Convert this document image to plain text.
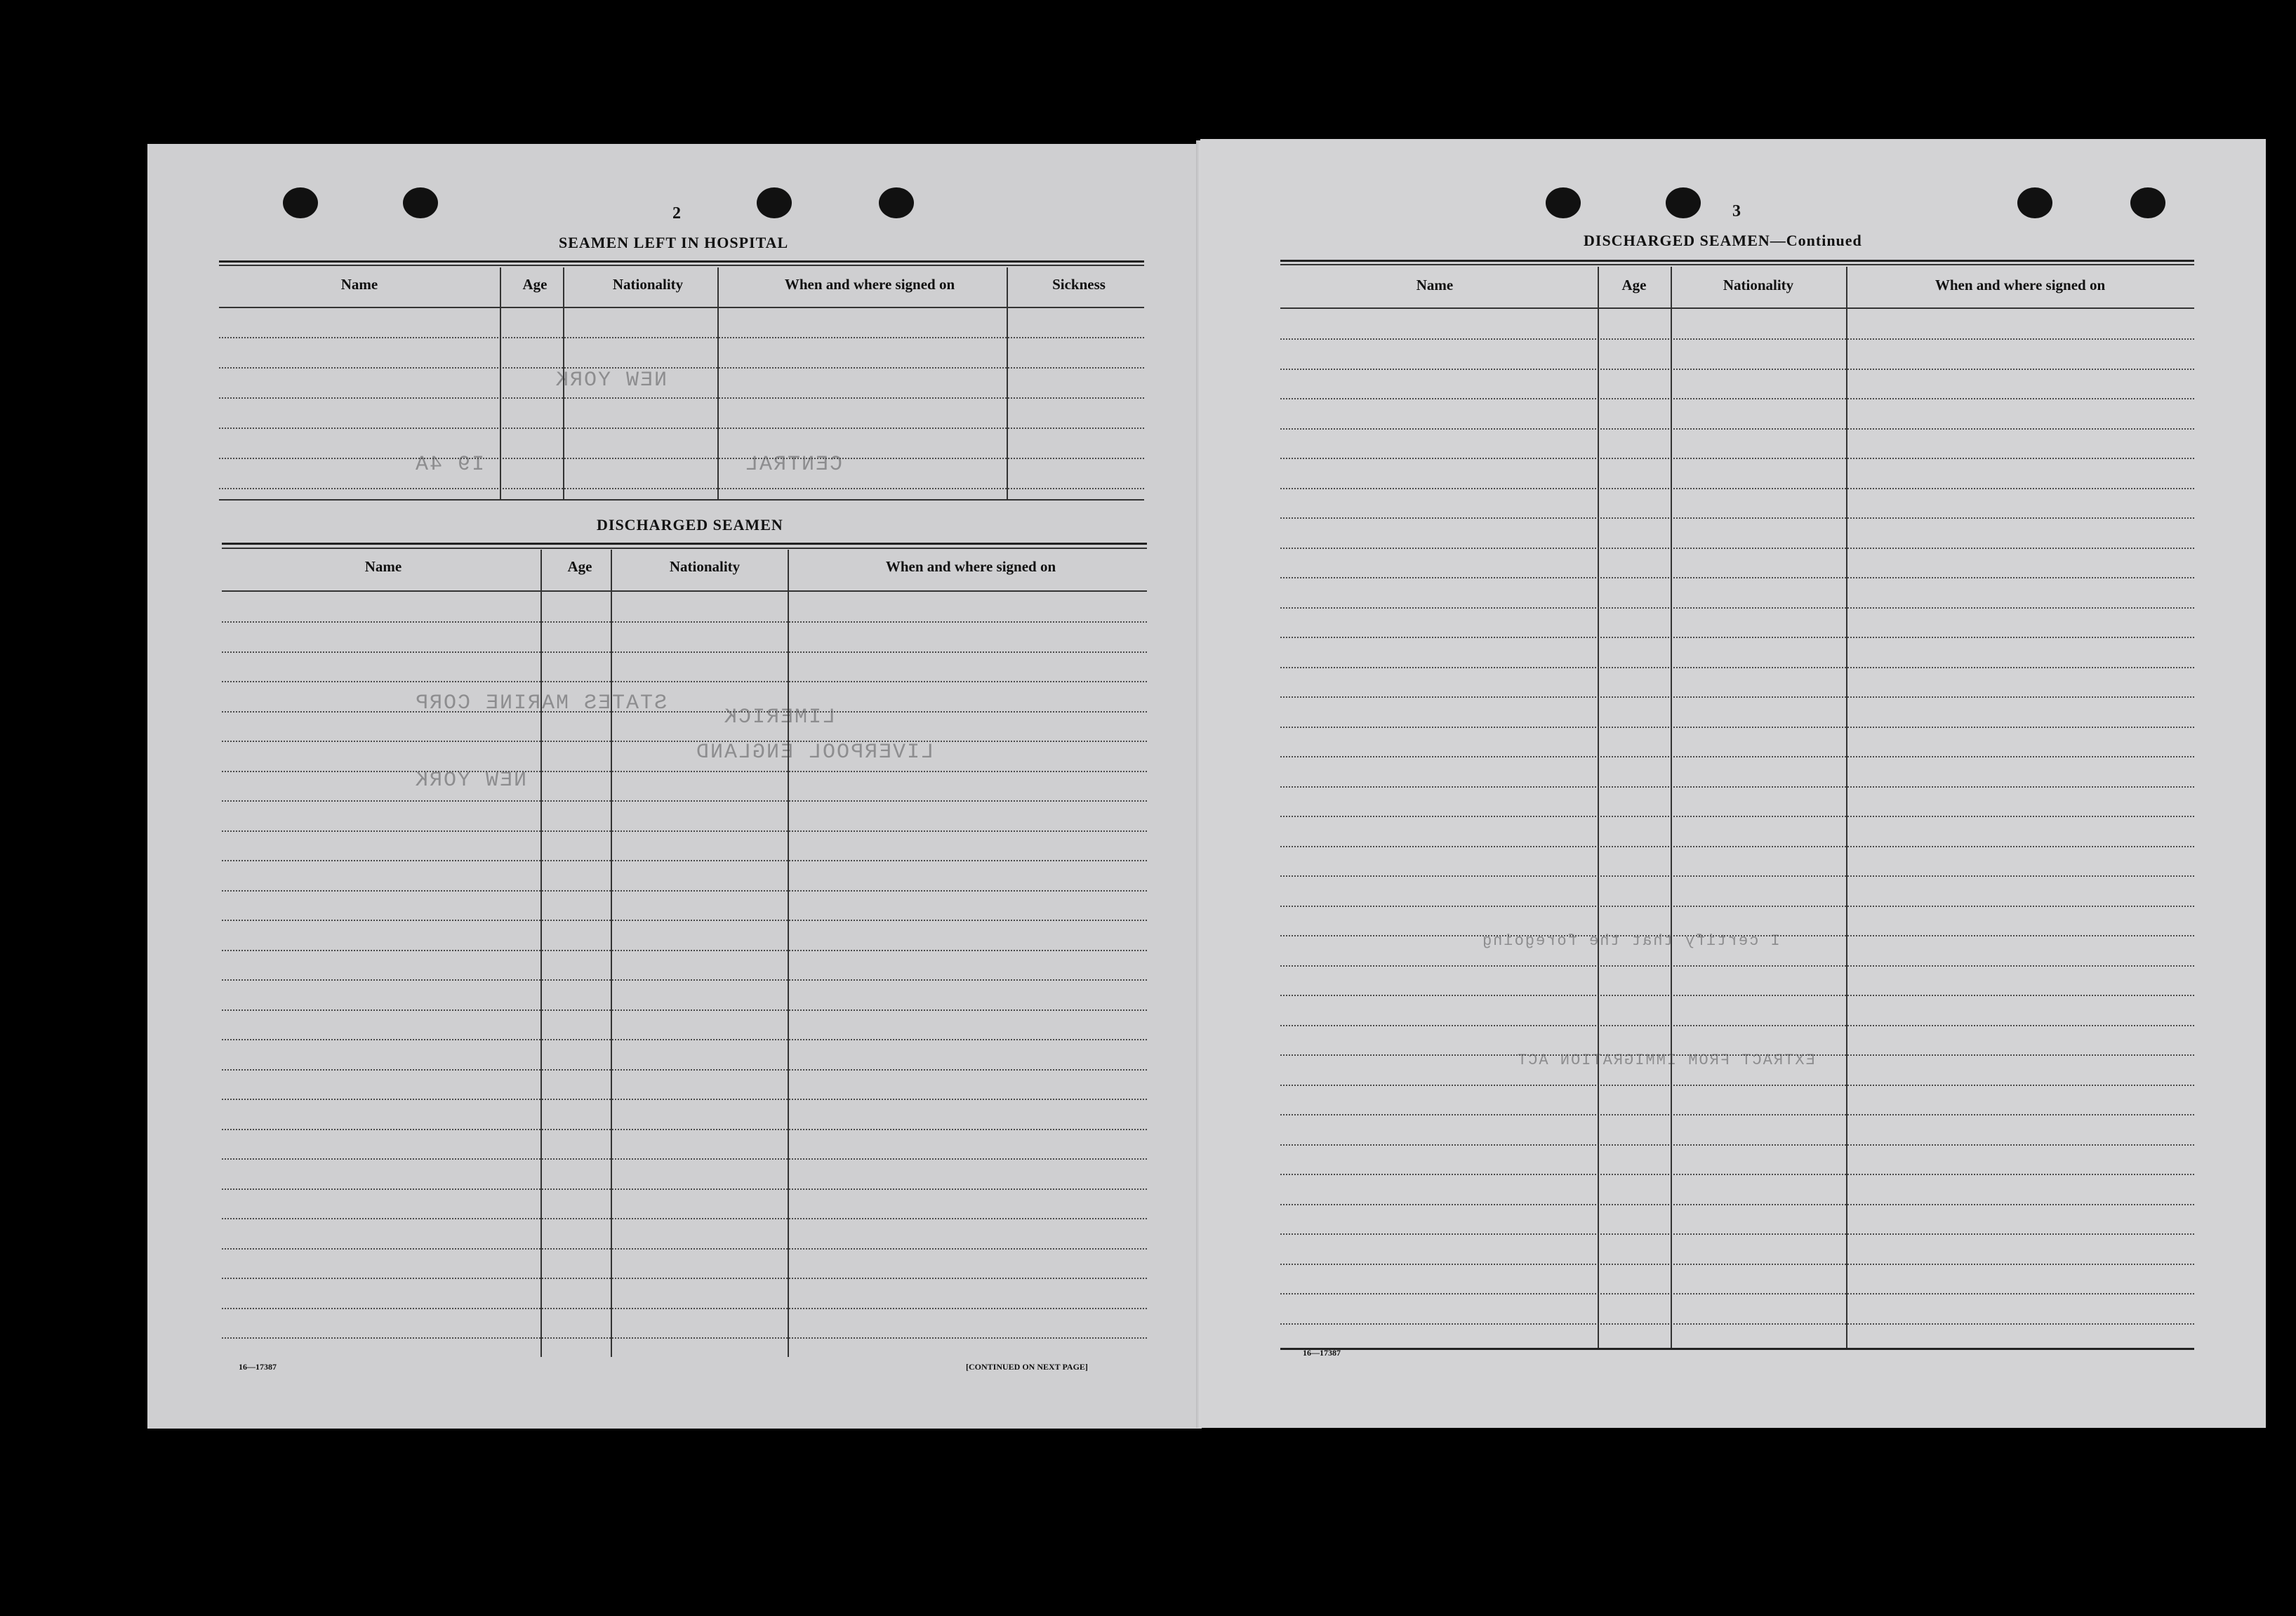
NEW YORK
I9 4A	CENTRAL
LIMERICK
STATES MARINE CORP
LIVERPOOL ENGLAND
NEW YORK
2
SEAMEN LEFT IN HOSPITAL
Name	Age	Nationality	When and where signed on	Sickness
DISCHARGED SEAMEN
Name	Age	Nationality	When and where signed on
16—17387	[CONTINUED ON NEXT PAGE]
I certify that the foregoing
EXTRACT FROM IMMIGRATION ACT
3
DISCHARGED SEAMEN—Continued
Name	Age	Nationality	When and where signed on
16—17387
